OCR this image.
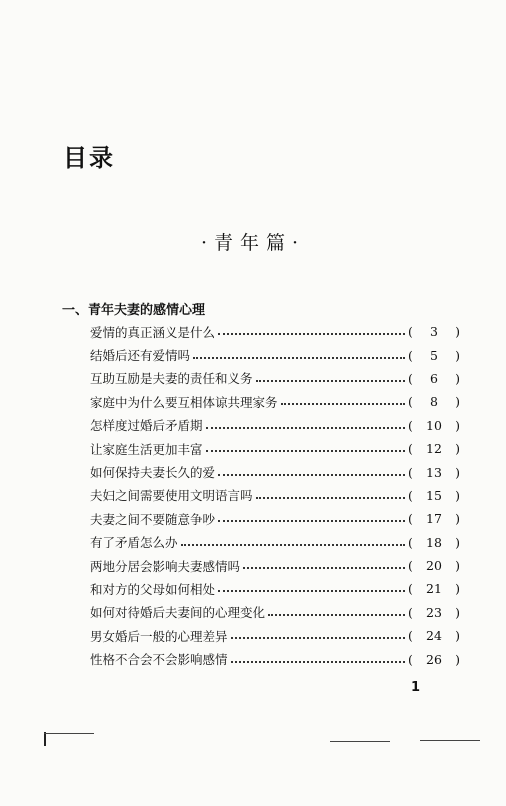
目录
·青年篇·
一、青年夫妻的感情心理
爱情的真正涵义是什么	(	3	)
结婚后还有爱情吗	(	5	)
互助互励是夫妻的责任和义务	(	6	)
家庭中为什么要互相体谅共理家务	(	8	)
怎样度过婚后矛盾期	(	10	)
让家庭生活更加丰富	(	12	)
如何保持夫妻长久的爱	(	13	)
夫妇之间需要使用文明语言吗	(	15	)
夫妻之间不要随意争吵	(	17	)
有了矛盾怎么办	(	18	)
两地分居会影响夫妻感情吗	(	20	)
和对方的父母如何相处	(	21	)
如何对待婚后夫妻间的心理变化	(	23	)
男女婚后一般的心理差异	(	24	)
性格不合会不会影响感情	(	26	)
1
